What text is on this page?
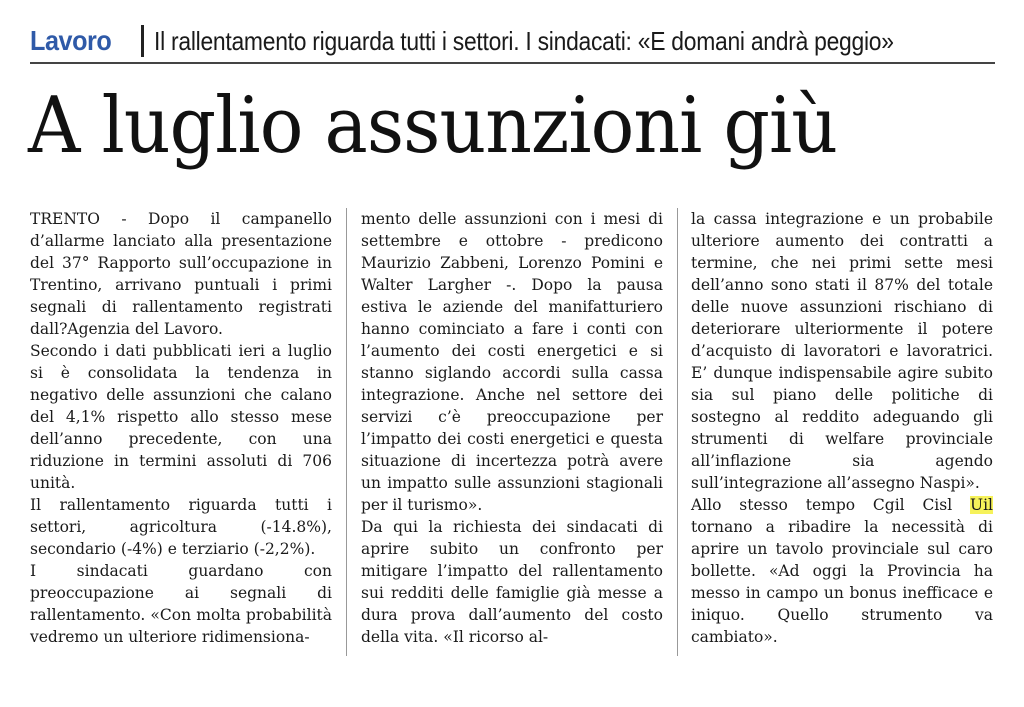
Lavoro	Il rallentamento riguarda tutti i settori. I sindacati: «E domani andrà peggio»
A luglio assunzioni giù

TRENTO - Dopo il campanello d’allarme lanciato alla presentazione del 37° Rapporto sull’occupazione in Trentino, arrivano puntuali i primi segnali di rallentamento registrati dall?Agenzia del Lavoro.

Secondo i dati pubblicati ieri a luglio si è consolidata la tendenza in negativo delle assunzioni che calano del 4,1% rispetto allo stesso mese dell’anno precedente, con una riduzione in termini assoluti di 706 unità.

Il rallentamento riguarda tutti i settori, agricoltura (-14.8%), secondario (-4%) e terziario (-2,2%).

I sindacati guardano con preoccupazione ai segnali di rallentamento. «Con molta probabilità vedremo un ulteriore ridimensiona-

mento delle assunzioni con i mesi di settembre e ottobre - predicono Maurizio Zabbeni, Lorenzo Pomini e Walter Largher -. Dopo la pausa estiva le aziende del manifatturiero hanno cominciato a fare i conti con l’aumento dei costi energetici e si stanno siglando accordi sulla cassa integrazione. Anche nel settore dei servizi c’è preoccupazione per l’impatto dei costi energetici e questa situazione di incertezza potrà avere un impatto sulle assunzioni stagionali per il turismo».

Da qui la richiesta dei sindacati di aprire subito un confronto per mitigare l’impatto del rallentamento sui redditi delle famiglie già messe a dura prova dall’aumento del costo della vita. «Il ricorso al-

la cassa integrazione e un probabile ulteriore aumento dei contratti a termine, che nei primi sette mesi dell’anno sono stati il 87% del totale delle nuove assunzioni rischiano di deteriorare ulteriormente il potere d’acquisto di lavoratori e lavoratrici. E’ dunque indispensabile agire subito sia sul piano delle politiche di sostegno al reddito adeguando gli strumenti di welfare provinciale all’inflazione sia agendo sull’integrazione all’assegno Naspi».

Allo stesso tempo Cgil Cisl Uil tornano a ribadire la necessità di aprire un tavolo provinciale sul caro bollette. «Ad oggi la Provincia ha messo in campo un bonus inefficace e iniquo. Quello strumento va cambiato».
